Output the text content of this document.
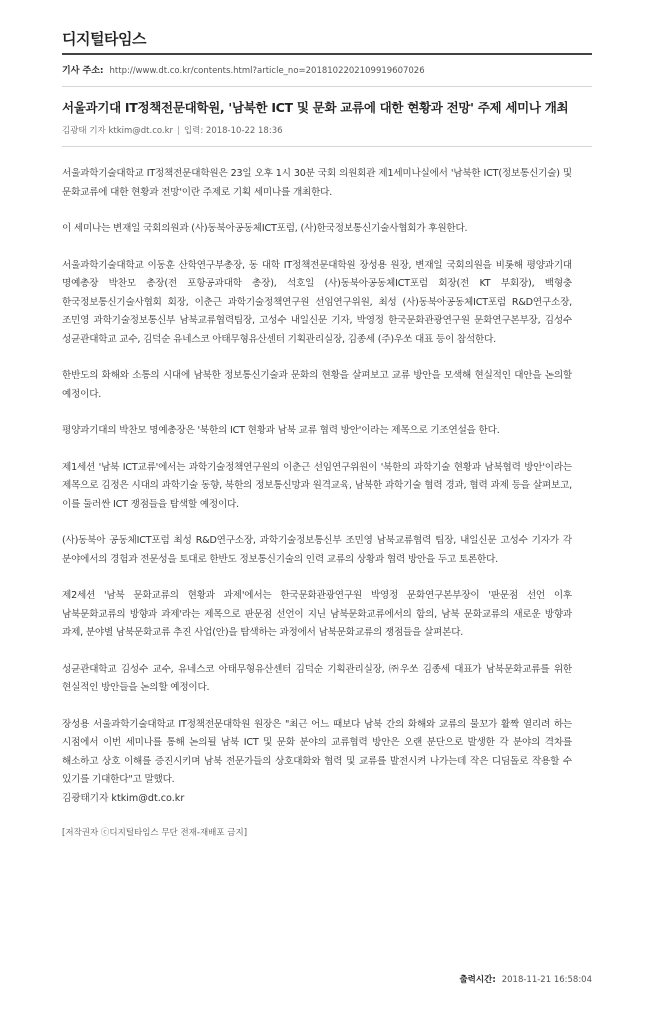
디지털타임스
기사 주소: http://www.dt.co.kr/contents.html?article_no=2018102202109919607026
서울과기대 IT정책전문대학원, '남북한 ICT 및 문화 교류에 대한 현황과 전망' 주제 세미나 개최
김광태 기자 ktkim@dt.co.kr | 입력: 2018-10-22 18:36

서울과학기술대학교 IT정책전문대학원은 23일 오후 1시 30분 국회 의원회관 제1세미나실에서 '남북한 ICT(정보통신기술) 및 문화교류에 대한 현황과 전망'이란 주제로 기획 세미나를 개최한다.

이 세미나는 변재일 국회의원과 (사)동북아공동체ICT포럼, (사)한국정보통신기술사협회가 후원한다.

서울과학기술대학교 이동훈 산학연구부총장, 동 대학 IT정책전문대학원 장성용 원장, 변재일 국회의원을 비롯해 평양과기대 명예총장 박찬모 총장(전 포항공과대학 총장), 석호일 (사)동북아공동체ICT포럼 회장(전 KT 부회장), 백형충 한국정보통신기술사협회 회장, 이춘근 과학기술정책연구원 선임연구위원, 최성 (사)동북아공동체ICT포럼 R&D연구소장, 조민영 과학기술정보통신부 남북교류협력팀장, 고성수 내일신문 기자, 박영정 한국문화관광연구원 문화연구본부장, 김성수 성균관대학교 교수, 김덕순 유네스코 아태무형유산센터 기획관리실장, 김종세 (주)우쏘 대표 등이 참석한다.

한반도의 화해와 소통의 시대에 남북한 정보통신기술과 문화의 현황을 살펴보고 교류 방안을 모색해 현실적인 대안을 논의할 예정이다.

평양과기대의 박찬모 명예총장은 '북한의 ICT 현황과 남북 교류 협력 방안'이라는 제목으로 기조연설을 한다.

제1세션 '남북 ICT교류'에서는 과학기술정책연구원의 이춘근 선임연구위원이 '북한의 과학기술 현황과 남북협력 방안'이라는 제목으로 김정은 시대의 과학기술 동향, 북한의 정보통신망과 원격교육, 남북한 과학기술 협력 경과, 협력 과제 등을 살펴보고, 이를 둘러싼 ICT 쟁점들을 탐색할 예정이다.

(사)동북아 공동체ICT포럼 최성 R&D연구소장, 과학기술정보통신부 조민영 남북교류협력 팀장, 내일신문 고성수 기자가 각 분야에서의 경험과 전문성을 토대로 한반도 정보통신기술의 인력 교류의 상황과 협력 방안을 두고 토론한다.

제2세션 '남북 문화교류의 현황과 과제'에서는 한국문화관광연구원 박영정 문화연구본부장이 '판문점 선언 이후 남북문화교류의 방향과 과제'라는 제목으로 판문점 선언이 지닌 남북문화교류에서의 함의, 남북 문화교류의 새로운 방향과 과제, 분야별 남북문화교류 추진 사업(안)을 탐색하는 과정에서 남북문화교류의 쟁점들을 살펴본다.

성균관대학교 김성수 교수, 유네스코 아태무형유산센터 김덕순 기획관리실장, ㈜우쏘 김종세 대표가 남북문화교류를 위한 현실적인 방안들을 논의할 예정이다.

장성용 서울과학기술대학교 IT정책전문대학원 원장은 "최근 어느 때보다 남북 간의 화해와 교류의 물꼬가 활짝 열리려 하는 시점에서 이번 세미나를 통해 논의될 남북 ICT 및 문화 분야의 교류협력 방안은 오랜 분단으로 발생한 각 분야의 격차를 해소하고 상호 이해를 증진시키며 남북 전문가들의 상호대화와 협력 및 교류를 발전시켜 나가는데 작은 디딤돌로 작용할 수 있기를 기대한다"고 말했다.

김광태기자 ktkim@dt.co.kr
[저작권자 ⓒ디지털타임스 무단 전재-재배포 금지]
출력시간: 2018-11-21 16:58:04
